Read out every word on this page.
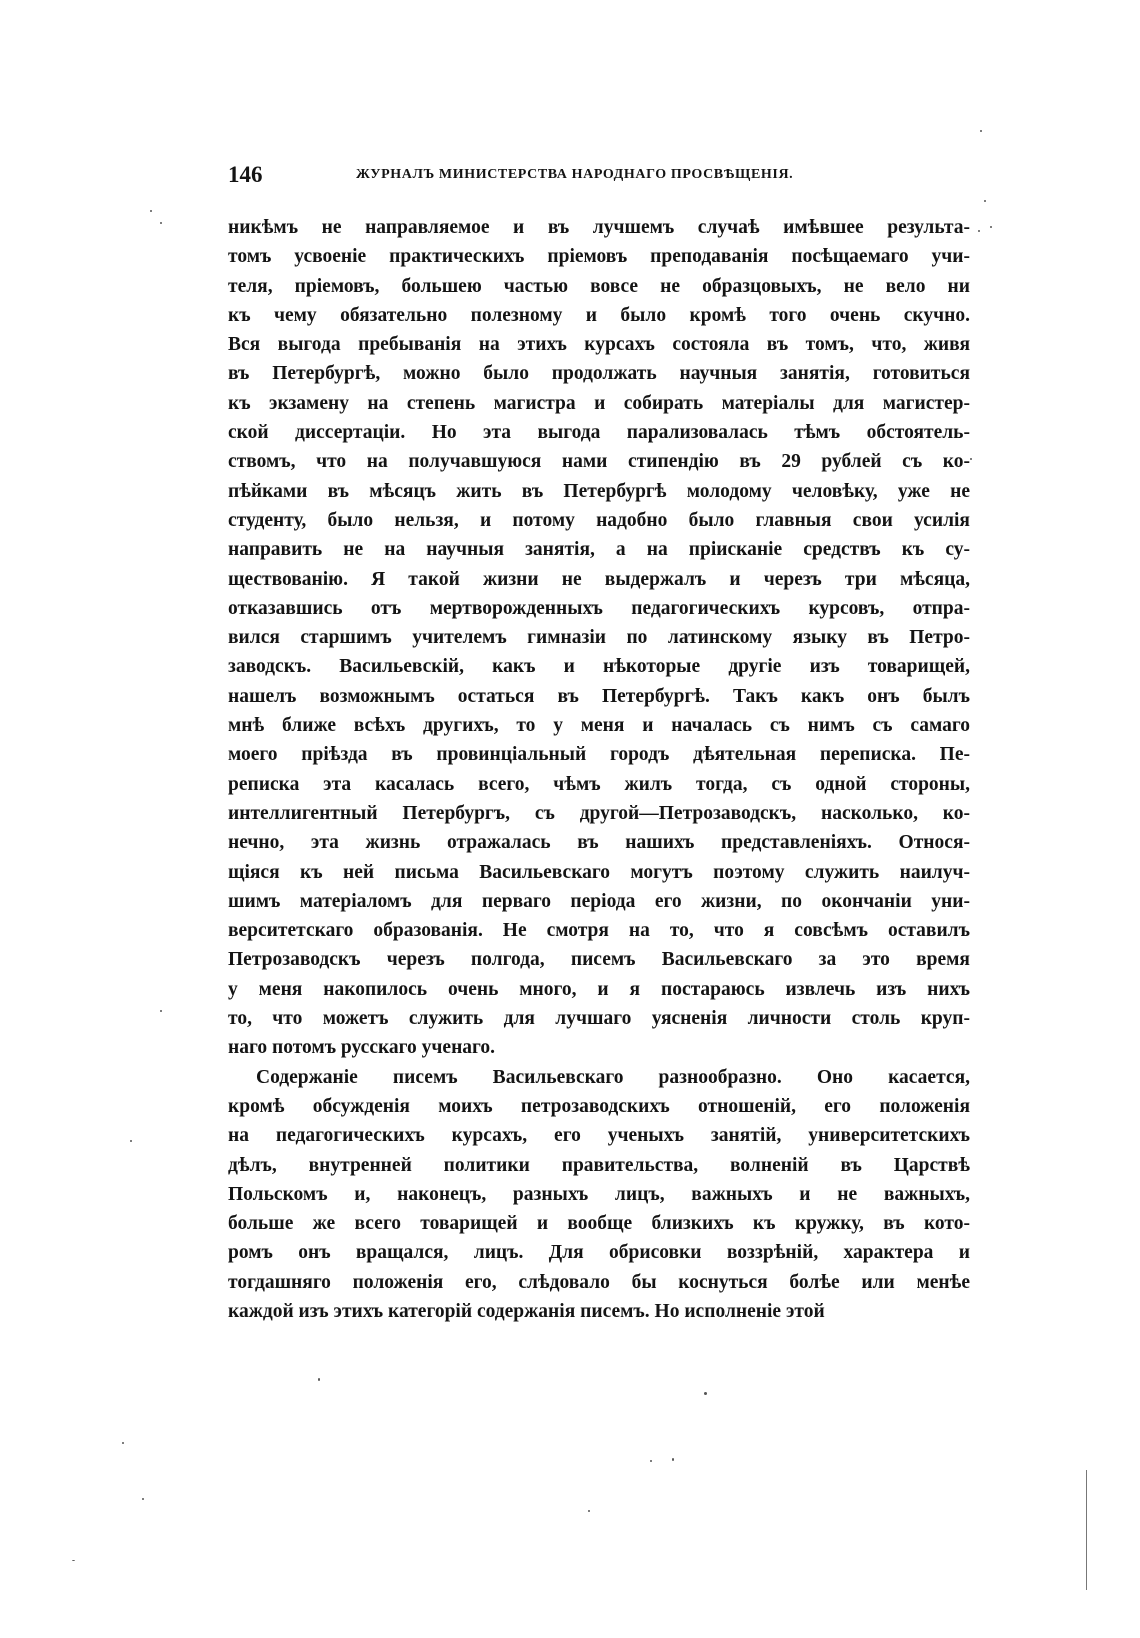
146	ЖУРНАЛЪ МИНИСТЕРСТВА НАРОДНАГО ПРОСВѢЩЕНІЯ.
никѣмъ не направляемое и въ лучшемъ случаѣ имѣвшее результа-
томъ усвоеніе практическихъ пріемовъ преподаванія посѣщаемаго учи-
теля, пріемовъ, большею частью вовсе не образцовыхъ, не вело ни
къ чему обязательно полезному и было кромѣ того очень скучно.
Вся выгода пребыванія на этихъ курсахъ состояла въ томъ, что, живя
въ Петербургѣ, можно было продолжать научныя занятія, готовиться
къ экзамену на степень магистра и собирать матеріалы для магистер-
ской диссертаціи. Но эта выгода парализовалась тѣмъ обстоятель-
ствомъ, что на получавшуюся нами стипендію въ 29 рублей съ ко-
пѣйками въ мѣсяцъ жить въ Петербургѣ молодому человѣку, уже не
студенту, было нельзя, и потому надобно было главныя свои усилія
направить не на научныя занятія, а на пріисканіе средствъ къ су-
ществованію. Я такой жизни не выдержалъ и черезъ три мѣсяца,
отказавшись отъ мертворожденныхъ педагогическихъ курсовъ, отпра-
вился старшимъ учителемъ гимназіи по латинскому языку въ Петро-
заводскъ. Васильевскій, какъ и нѣкоторые другіе изъ товарищей,
нашелъ возможнымъ остаться въ Петербургѣ. Такъ какъ онъ былъ
мнѣ ближе всѣхъ другихъ, то у меня и началась съ нимъ съ самаго
моего пріѣзда въ провинціальный городъ дѣятельная переписка. Пе-
реписка эта касалась всего, чѣмъ жилъ тогда, съ одной стороны,
интеллигентный Петербургъ, съ другой—Петрозаводскъ, насколько, ко-
нечно, эта жизнь отражалась въ нашихъ представленіяхъ. Относя-
щіяся къ ней письма Васильевскаго могутъ поэтому служить наилуч-
шимъ матеріаломъ для перваго періода его жизни, по окончаніи уни-
верситетскаго образованія. Не смотря на то, что я совсѣмъ оставилъ
Петрозаводскъ черезъ полгода, писемъ Васильевскаго за это время
у меня накопилось очень много, и я постараюсь извлечь изъ нихъ
то, что можетъ служить для лучшаго уясненія личности столь круп-
наго потомъ русскаго ученаго.
Содержаніе писемъ Васильевскаго разнообразно. Оно касается,
кромѣ обсужденія моихъ петрозаводскихъ отношеній, его положенія
на педагогическихъ курсахъ, его ученыхъ занятій, университетскихъ
дѣлъ, внутренней политики правительства, волненій въ Царствѣ
Польскомъ и, наконецъ, разныхъ лицъ, важныхъ и не важныхъ,
больше же всего товарищей и вообще близкихъ къ кружку, въ кото-
ромъ онъ вращался, лицъ. Для обрисовки воззрѣній, характера и
тогдашняго положенія его, слѣдовало бы коснуться болѣе или менѣе
каждой изъ этихъ категорій содержанія писемъ. Но исполненіе этой
